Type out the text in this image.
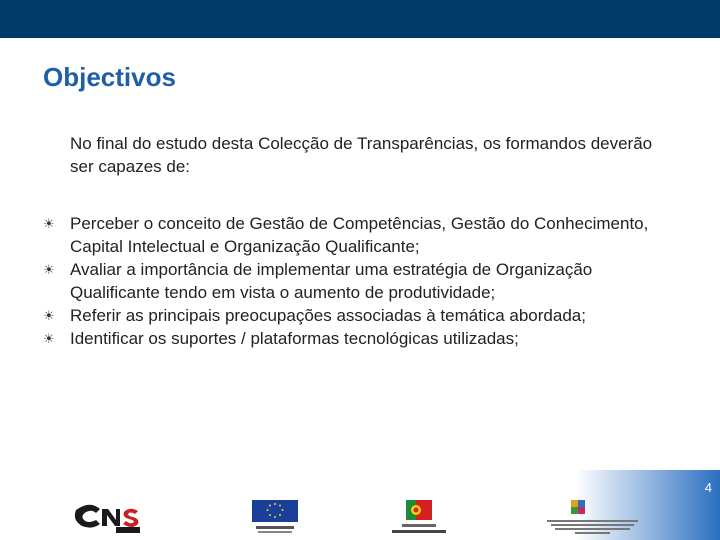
Objectivos
No final do estudo desta Colecção de Transparências, os formandos deverão ser capazes de:
☀ Perceber o conceito de Gestão de Competências, Gestão do Conhecimento, Capital Intelectual e Organização Qualificante;
☀ Avaliar a importância de implementar uma estratégia de Organização Qualificante tendo em vista o aumento de produtividade;
☀ Referir as principais preocupações associadas à temática abordada;
☀ Identificar os suportes / plataformas tecnológicas utilizadas;
4
